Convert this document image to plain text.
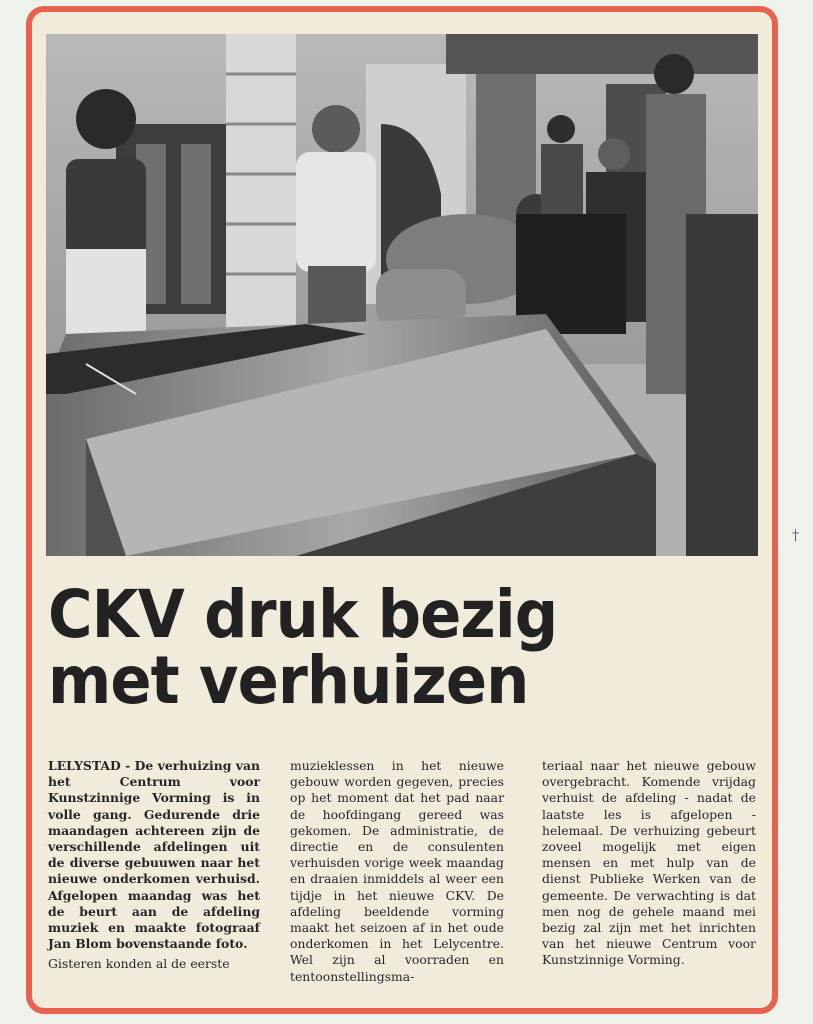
†
CKV druk bezig
met verhuizen

LELYSTAD - De verhuizing van het Centrum voor Kunstzinnige Vorming is in volle gang. Gedurende drie maandagen achtereen zijn de verschillende afdelingen uit de diverse gebuuwen naar het nieuwe onderkomen verhuisd. Afgelopen maandag was het de beurt aan de afdeling muziek en maakte fotograaf Jan Blom bovenstaande foto.

Gisteren konden al de eerste

muzieklessen in het nieuwe gebouw worden gegeven, precies op het moment dat het pad naar de hoofdingang gereed was gekomen. De administratie, de directie en de consulenten verhuisden vorige week maandag en draaien inmiddels al weer een tijdje in het nieuwe CKV. De afdeling beeldende vorming maakt het seizoen af in het oude onderkomen in het Lelycentre. Wel zijn al voorraden en tentoonstellingsma-

teriaal naar het nieuwe gebouw overgebracht. Komende vrijdag verhuist de afdeling - nadat de laatste les is afgelopen - helemaal. De verhuizing gebeurt zoveel mogelijk met eigen mensen en met hulp van de dienst Publieke Werken van de gemeente. De verwachting is dat men nog de gehele maand mei bezig zal zijn met het inrichten van het nieuwe Centrum voor Kunstzinnige Vorming.
